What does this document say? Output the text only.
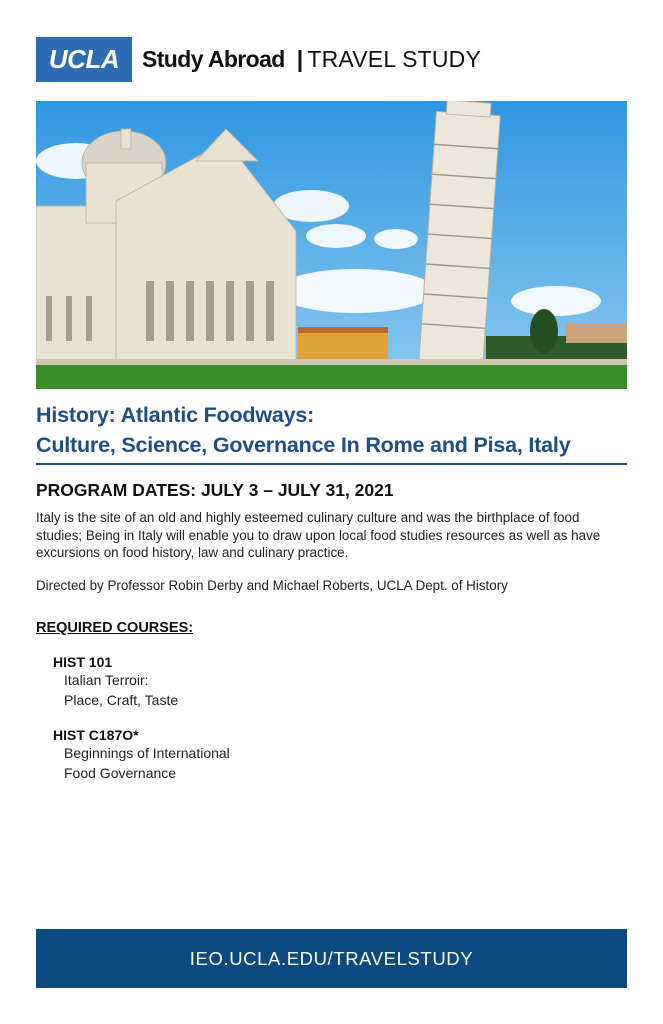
UCLA Study Abroad | TRAVEL STUDY
History: Atlantic Foodways:
Culture, Science, Governance In Rome and Pisa, Italy
PROGRAM DATES: JULY 3 – JULY 31, 2021
Italy is the site of an old and highly esteemed culinary culture and was the birthplace of food studies; Being in Italy will enable you to draw upon local food studies resources as well as have excursions on food history, law and culinary practice.
Directed by Professor Robin Derby and Michael Roberts, UCLA Dept. of History
REQUIRED COURSES:
HIST 101
Italian Terroir:
Place, Craft, Taste
HIST C187O*
Beginnings of International
Food Governance
IEO.UCLA.EDU/TRAVELSTUDY
